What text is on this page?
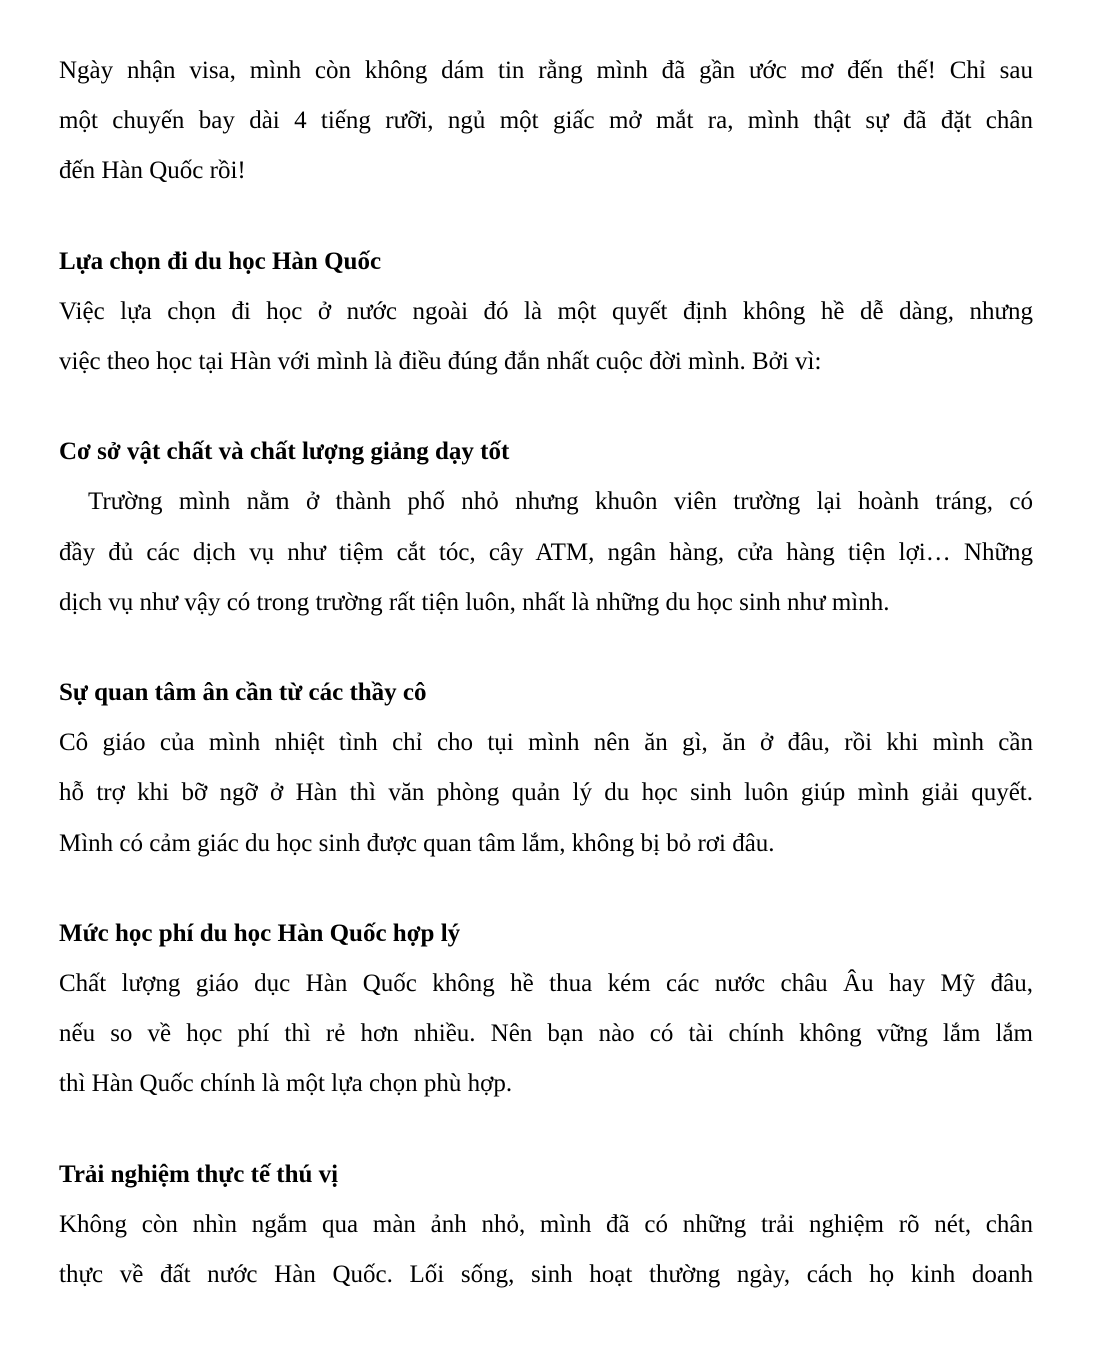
Ngày nhận visa, mình còn không dám tin rằng mình đã gần ước mơ đến thế! Chỉ sau
một chuyến bay dài 4 tiếng rưỡi, ngủ một giấc mở mắt ra, mình thật sự đã đặt chân
đến Hàn Quốc rồi!
Lựa chọn đi du học Hàn Quốc
Việc lựa chọn đi học ở nước ngoài đó là một quyết định không hề dễ dàng, nhưng
việc theo học tại Hàn với mình là điều đúng đắn nhất cuộc đời mình. Bởi vì:
Cơ sở vật chất và chất lượng giảng dạy tốt
Trường mình nằm ở thành phố nhỏ nhưng khuôn viên trường lại hoành tráng, có
đầy đủ các dịch vụ như tiệm cắt tóc, cây ATM, ngân hàng, cửa hàng tiện lợi… Những
dịch vụ như vậy có trong trường rất tiện luôn, nhất là những du học sinh như mình.
Sự quan tâm ân cần từ các thầy cô
Cô giáo của mình nhiệt tình chỉ cho tụi mình nên ăn gì, ăn ở đâu, rồi khi mình cần
hỗ trợ khi bỡ ngỡ ở Hàn thì văn phòng quản lý du học sinh luôn giúp mình giải quyết.
Mình có cảm giác du học sinh được quan tâm lắm, không bị bỏ rơi đâu.
Mức học phí du học Hàn Quốc hợp lý
Chất lượng giáo dục Hàn Quốc không hề thua kém các nước châu Âu hay Mỹ đâu,
nếu so về học phí thì rẻ hơn nhiều. Nên bạn nào có tài chính không vững lắm lắm
thì Hàn Quốc chính là một lựa chọn phù hợp.
Trải nghiệm thực tế thú vị
Không còn nhìn ngắm qua màn ảnh nhỏ, mình đã có những trải nghiệm rõ nét, chân
thực về đất nước Hàn Quốc. Lối sống, sinh hoạt thường ngày, cách họ kinh doanh
